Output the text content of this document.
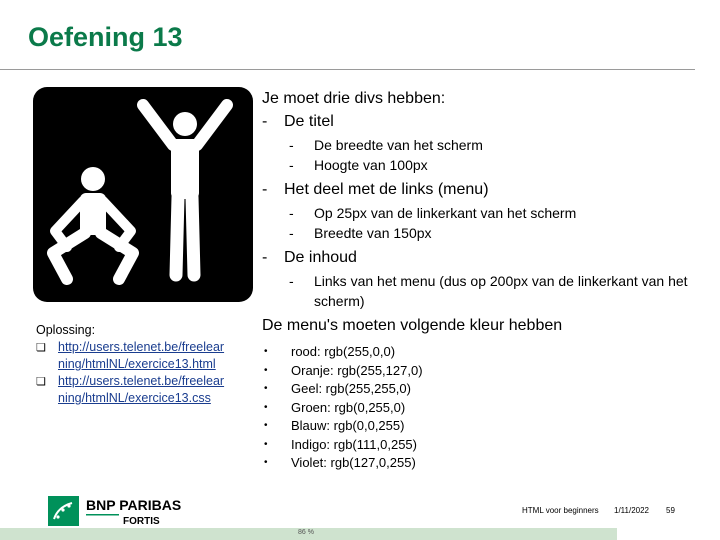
Oefening 13
Oplossing:
❏ http://users.telenet.be/freelearning/htmlNL/exercice13.html
❏ http://users.telenet.be/freelearning/htmlNL/exercice13.css
Je moet drie divs hebben:
-	De titel
-	De breedte van het scherm
-	Hoogte van 100px
-	Het deel met de links (menu)
-	Op 25px van de linkerkant van het scherm
-	Breedte van 150px
-	De inhoud
-	Links van het menu (dus op 200px van de linkerkant van het scherm)
De menu's moeten volgende kleur hebben
•	rood: rgb(255,0,0)
•	Oranje: rgb(255,127,0)
•	Geel: rgb(255,255,0)
•	Groen: rgb(0,255,0)
•	Blauw: rgb(0,0,255)
•	Indigo: rgb(111,0,255)
•	Violet: rgb(127,0,255)
BNP PARIBAS
FORTIS
HTML voor beginners 1/11/2022 59
86 %
